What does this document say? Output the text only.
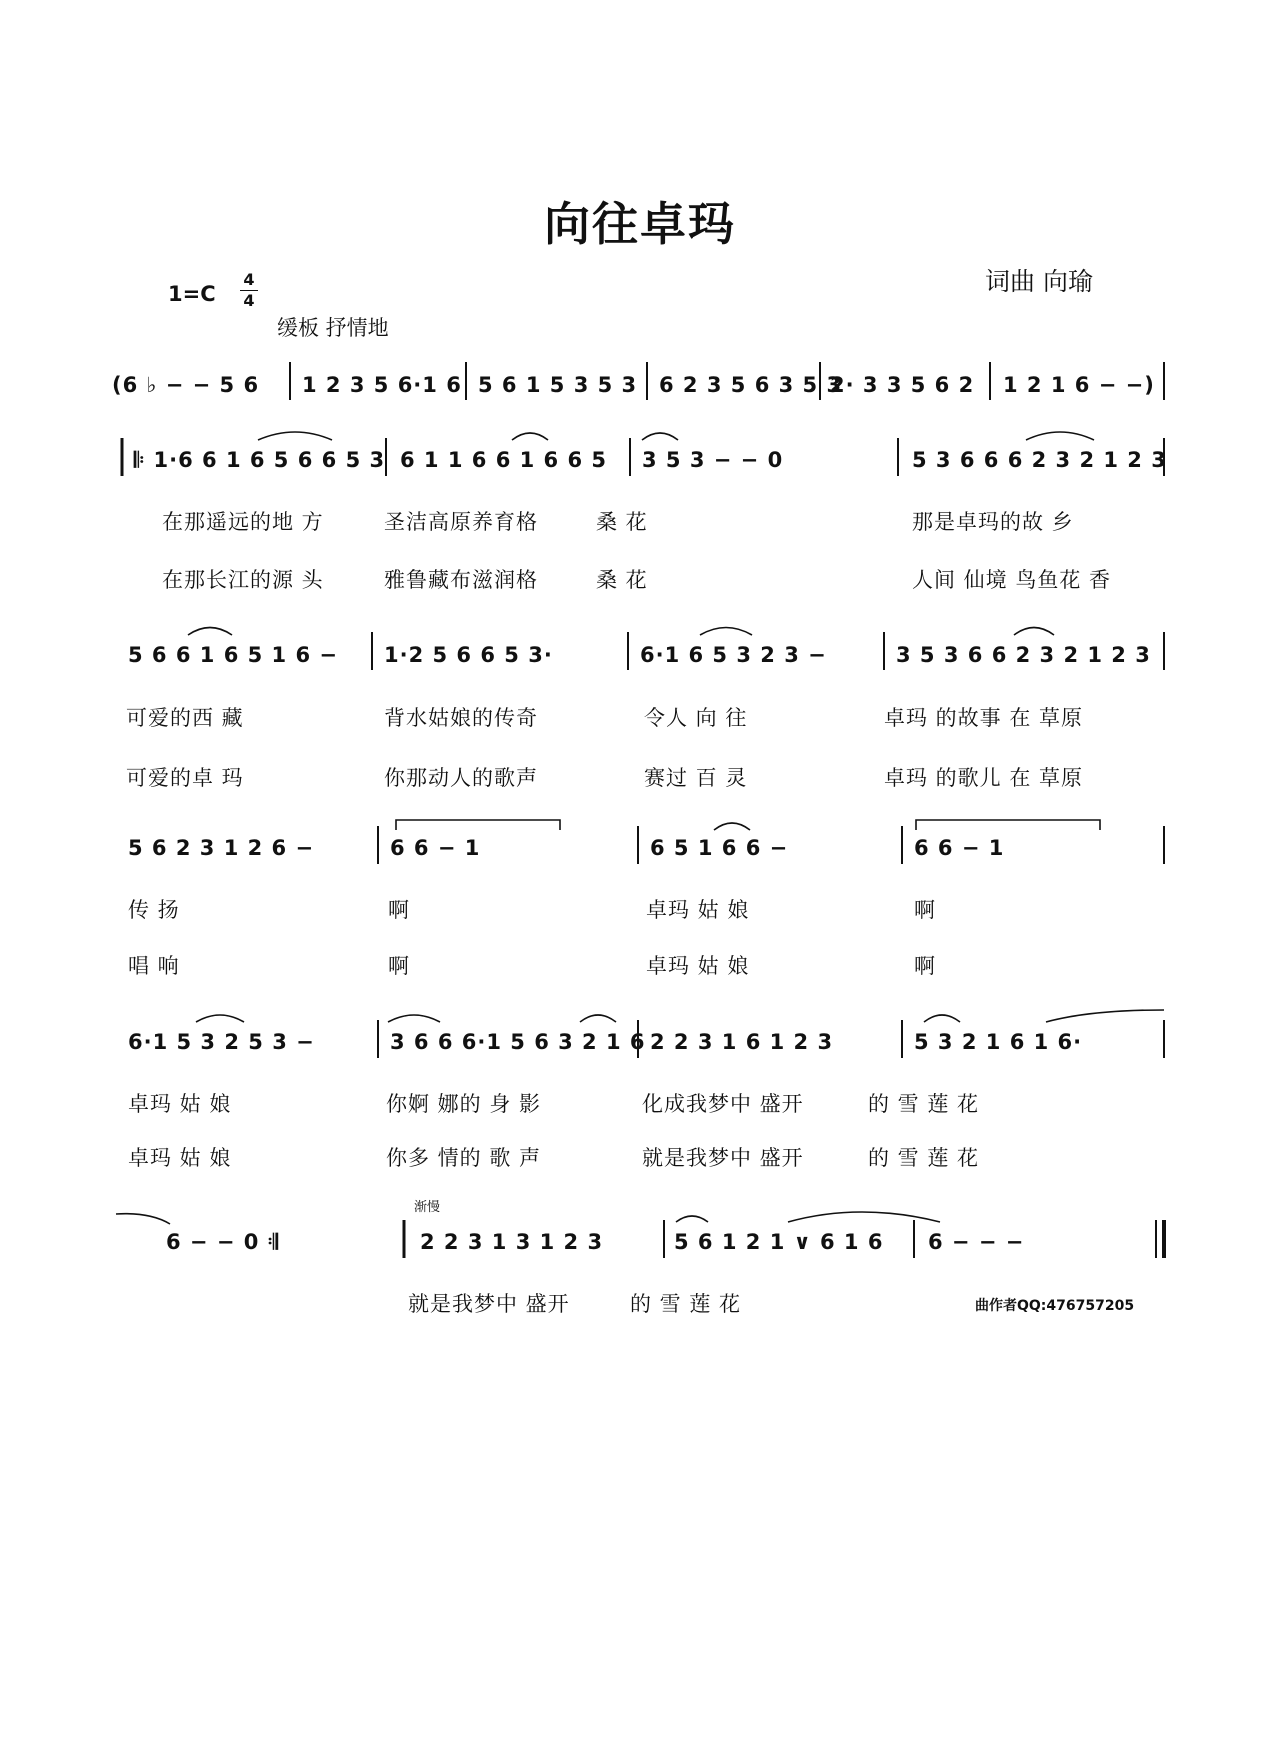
向往卓玛
词曲 向瑜
1=C
4
4
缓板 抒情地
(6 ♭ − − 5 6 1 2 3 5 6·1 6 5 6 1 5 3 5 3 6 2 3 5 6 3 5 3
2· 3 3 5 6 2 1 2 1 6 − −)
𝄆 1·6 6 1 6 5 6 6 5 3 6 1 1 6 6 1 6 6 5 3 5 3 − − 0	5 3 6 6 6 2 3 2 1 2 3
在那遥远的地 方	圣洁高原养育格	桑 花	那是卓玛的故 乡
在那长江的源 头	雅鲁藏布滋润格	桑 花	人间 仙境 鸟鱼花 香
5 6 6 1 6 5 1 6 − 1·2 5 6 6 5 3·	6·1 6 5 3 2 3 −	3 5 3 6 6 2 3 2 1 2 3
可爱的西 藏	背水姑娘的传奇	令人 向 往	卓玛 的故事 在 草原
可爱的卓 玛	你那动人的歌声	赛过 百 灵	卓玛 的歌儿 在 草原
5 6 2 3 1 2 6 −	6 6 − 1	6 5 1 6 6 −	6 6 − 1
传 扬	啊	卓玛 姑 娘	啊
唱 响	啊	卓玛 姑 娘	啊
6·1 5 3 2 5 3 −	3 6 6 6·1 5 6 3 2 1 6 2 2 3 1 6 1 2 3	5 3 2 1 6 1 6·
卓玛 姑 娘	你婀 娜的 身 影	化成我梦中 盛开	的 雪 莲 花
卓玛 姑 娘	你多 情的 歌 声	就是我梦中 盛开	的 雪 莲 花
渐慢
6 − − 0 𝄇	2 2 3 1 3 1 2 3	5 6 1 2 1 ∨ 6 1 6 6 − − −
就是我梦中 盛开	的 雪 莲 花	曲作者QQ:476757205
